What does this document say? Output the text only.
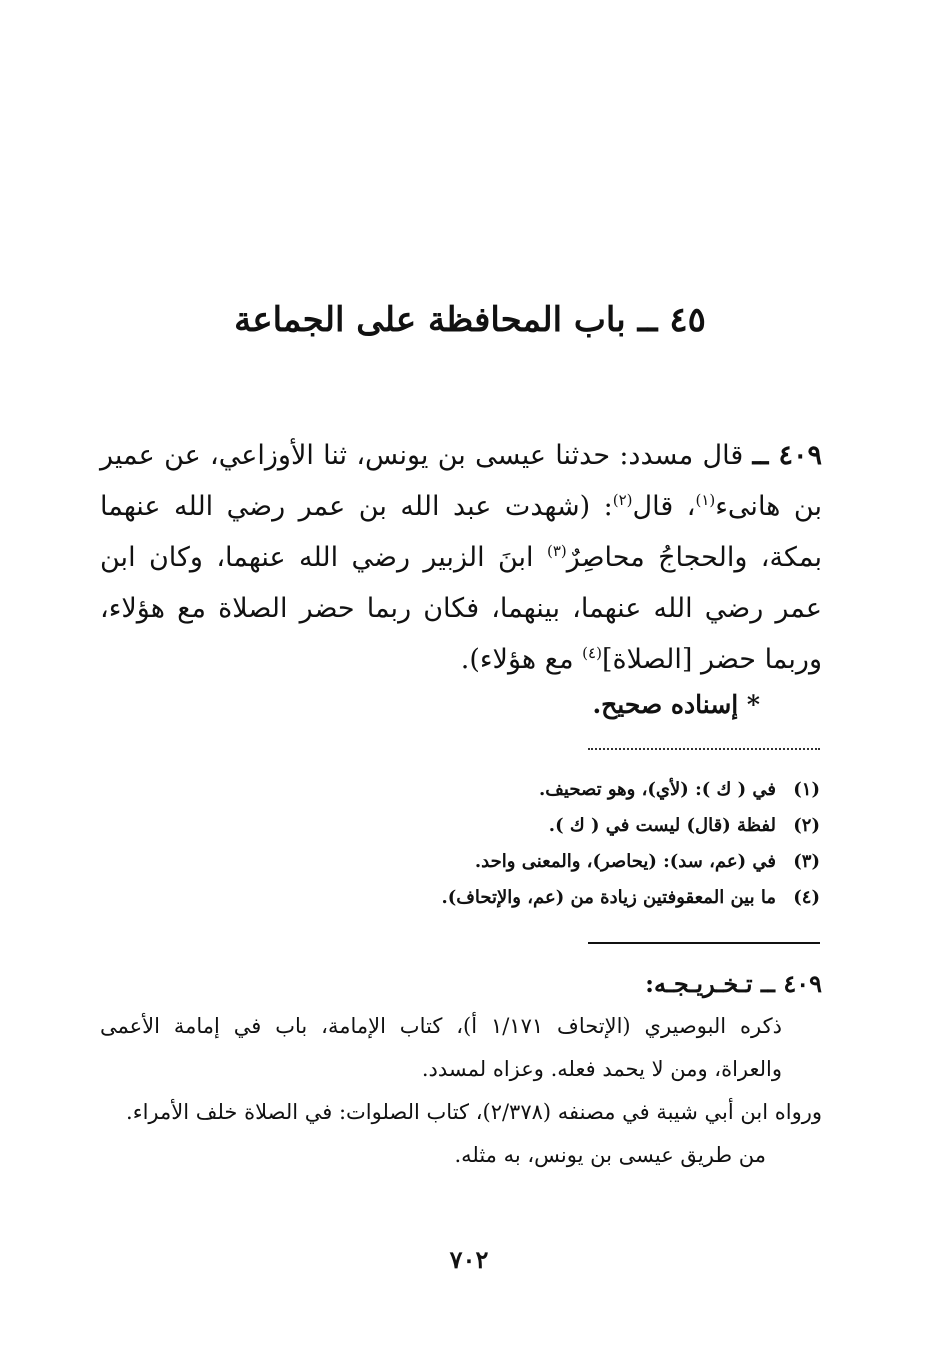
٤٥ ــ باب المحافظة على الجماعة
٤٠٩ ــ قال مسدد: حدثنا عيسى بن يونس، ثنا الأوزاعي، عن عمير بن هانىء$^{(١)}$، قال$^{(٢)}$: (شهدت عبد الله بن عمر رضي الله عنهما بمكة، والحجاجُ محاصِرٌ$^{(٣)}$ ابنَ الزبير رضي الله عنهما، وكان ابن عمر رضي الله عنهما، بينهما، فكان ربما حضر الصلاة مع هؤلاء، وربما حضر [الصلاة]$^{(٤)}$ مع هؤلاء).
* إسناده صحيح.
(١)
في ( ك ): (لأي)، وهو تصحيف.
(٢)
لفظة (قال) ليست في ( ك ).
(٣)
في (عم، سد): (يحاصر)، والمعنى واحد.
(٤)
ما بين المعقوفتين زيادة من (عم، والإتحاف).
٤٠٩ ــ تـخـريـجـه:
ذكره البوصيري (الإتحاف ١/١٧١ أ)، كتاب الإمامة، باب في إمامة الأعمى والعراة، ومن لا يحمد فعله. وعزاه لمسدد.
ورواه ابن أبي شيبة في مصنفه (٢/٣٧٨)، كتاب الصلوات: في الصلاة خلف الأمراء.
من طريق عيسى بن يونس، به مثله.
٧٠٢
